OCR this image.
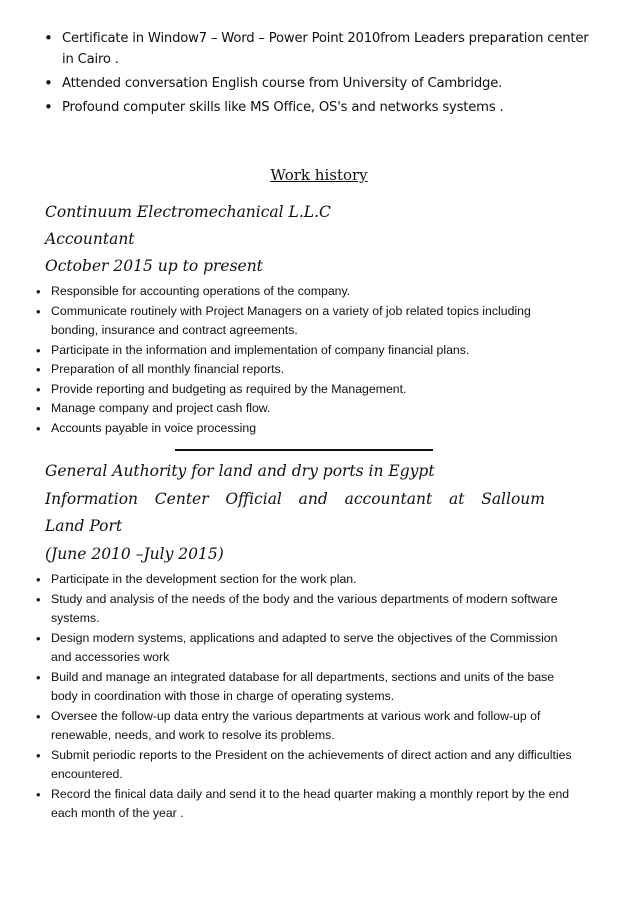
• Certificate in Window7 – Word – Power Point 2010from Leaders preparation center in Cairo .
• Attended conversation English course from University of Cambridge.
• Profound computer skills like MS Office, OS's and networks systems .
Work history
Continuum Electromechanical L.L.C
Accountant
October 2015 up to present
• Responsible for accounting operations of the company.
• Communicate routinely with Project Managers on a variety of job related topics including bonding, insurance and contract agreements.
• Participate in the information and implementation of company financial plans.
• Preparation of all monthly financial reports.
• Provide reporting and budgeting as required by the Management.
• Manage company and project cash flow.
• Accounts payable in voice processing
General Authority for land and dry ports in Egypt
Information Center Official and accountant at Salloum
Land Port
(June 2010 –July 2015)
• Participate in the development section for the work plan.
• Study and analysis of the needs of the body and the various departments of modern software systems.
• Design modern systems, applications and adapted to serve the objectives of the Commission and accessories work
• Build and manage an integrated database for all departments, sections and units of the base body in coordination with those in charge of operating systems.
• Oversee the follow-up data entry the various departments at various work and follow-up of renewable, needs, and work to resolve its problems.
• Submit periodic reports to the President on the achievements of direct action and any difficulties encountered.
• Record the finical data daily and send it to the head quarter making a monthly report by the end each month of the year .
